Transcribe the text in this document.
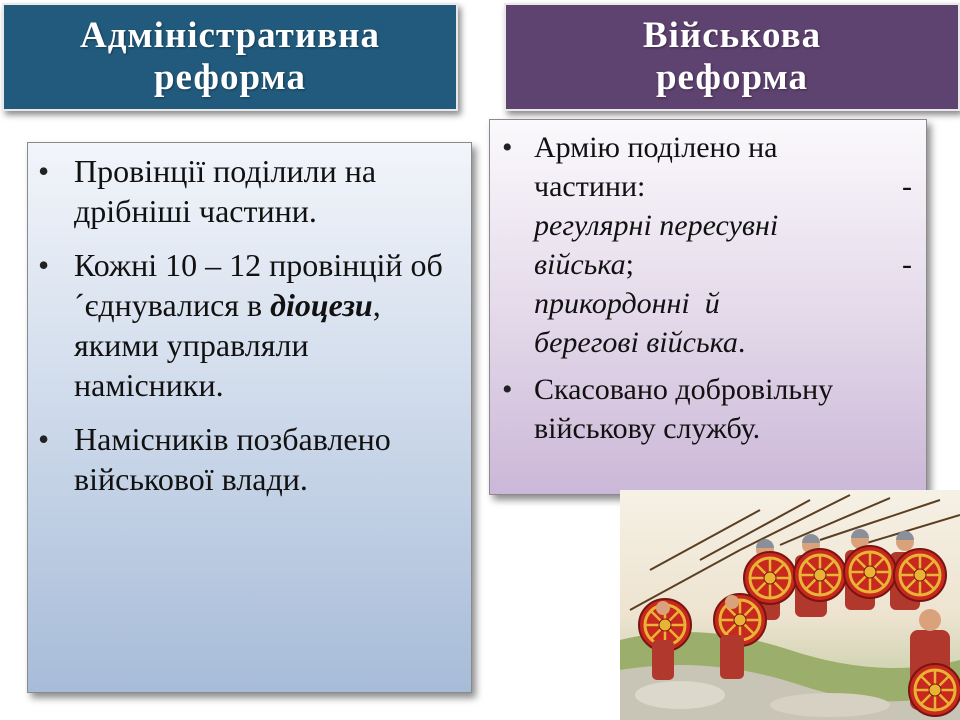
Адміністративна
реформа
Військова
реформа
• Провінції поділили на дрібніші частини.
• Кожні 10 – 12 провінцій об´єднувалися в діоцези, якими управляли намісники.
• Намісників позбавлено військової влади.
• Армію поділено на
частини:	-
регулярні пересувні
війська;	-
прикордонні  й
берегові війська.
• Скасовано добровільну військову службу.
